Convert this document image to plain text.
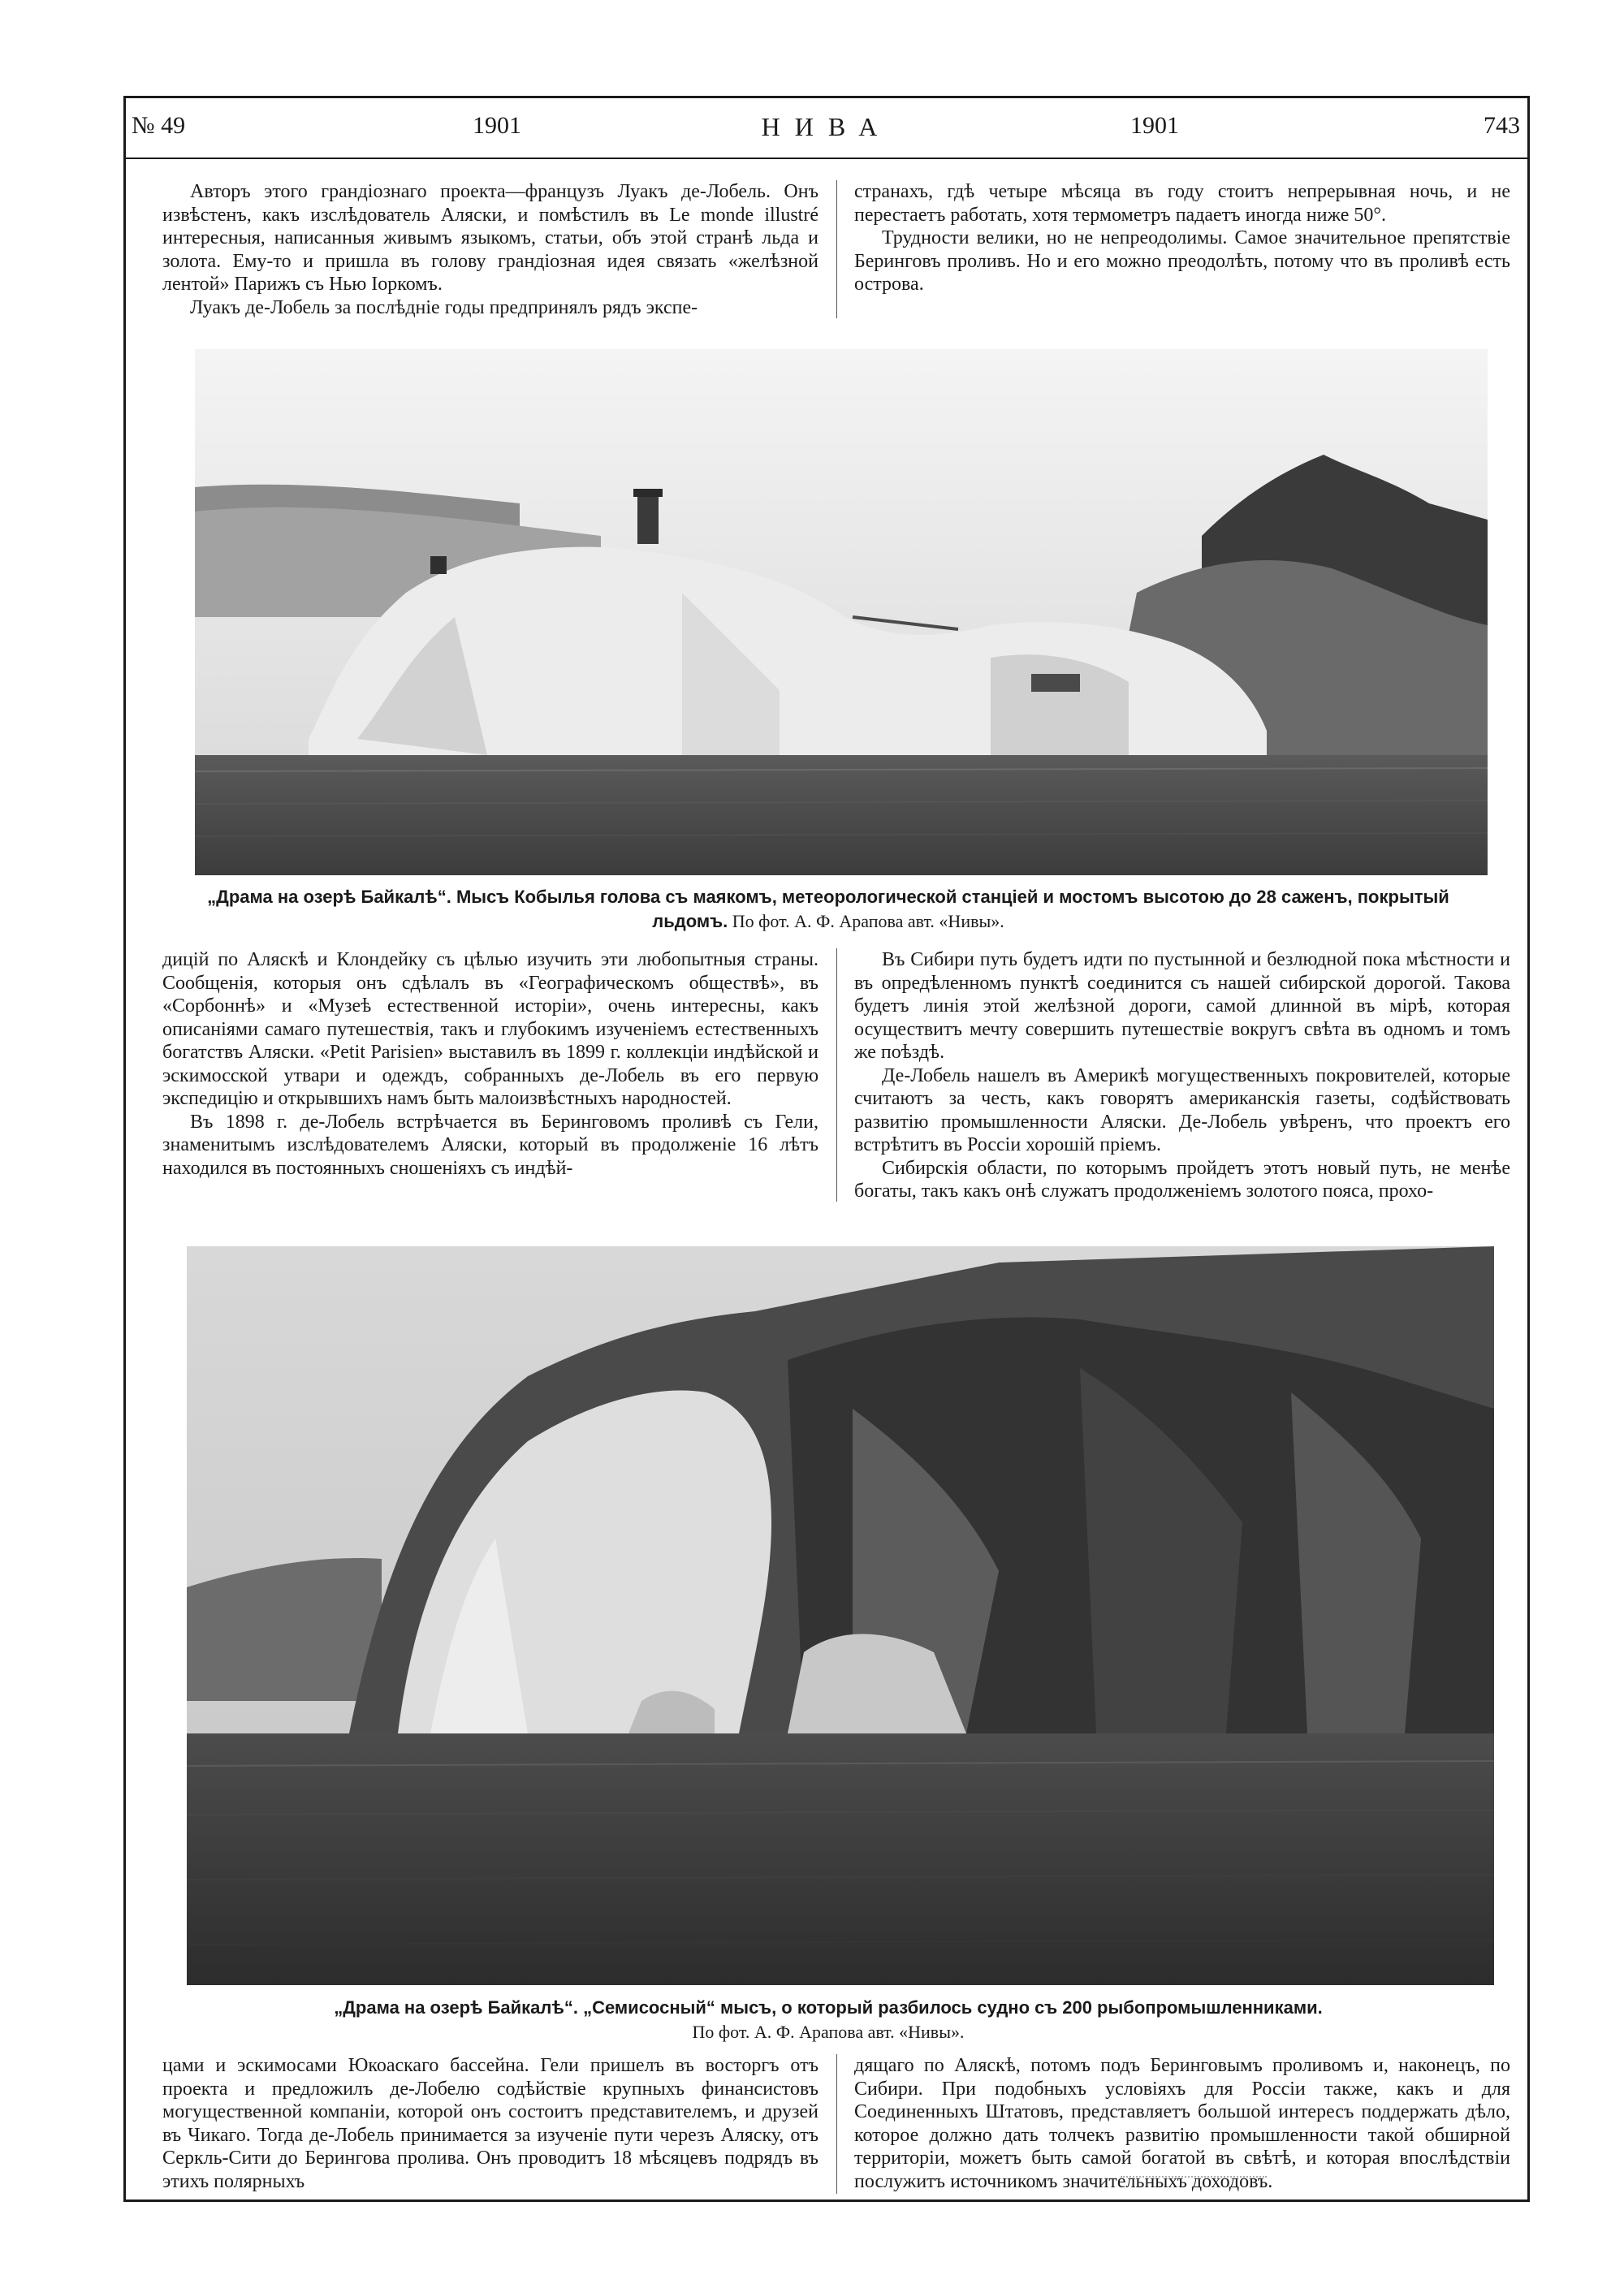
№ 49	1901	НИВА	1901	743

Авторъ этого грандіознаго проекта—французъ Луакъ де-Лобель. Онъ извѣстенъ, какъ изслѣдователь Аляски, и помѣстилъ въ Le monde illustré интересныя, написанныя живымъ языкомъ, статьи, объ этой странѣ льда и золота. Ему-то и пришла въ голову грандіозная идея связать «желѣзной лентой» Парижъ съ Нью Іоркомъ.

Луакъ де-Лобель за послѣдніе годы предпринялъ рядъ экспе-

странахъ, гдѣ четыре мѣсяца въ году стоитъ непрерывная ночь, и не перестаетъ работать, хотя термометръ падаетъ иногда ниже 50°.

Трудности велики, но не непреодолимы. Самое значительное препятствіе Беринговъ проливъ. Но и его можно преодолѣть, потому что въ проливѣ есть острова.

„Драма на озерѣ Байкалѣ“. Мысъ Кобылья голова съ маякомъ, метеорологической станціей и мостомъ высотою до 28 саженъ, покрытый
льдомъ. По фот. А. Ф. Арапова авт. «Нивы».

дицій по Аляскѣ и Клондейку съ цѣлью изучить эти любопытныя страны. Сообщенія, которыя онъ сдѣлалъ въ «Географическомъ обществѣ», въ «Сорбоннѣ» и «Музеѣ естественной исторіи», очень интересны, какъ описаніями самаго путешествія, такъ и глубокимъ изученіемъ естественныхъ богатствъ Аляски. «Petit Parisien» выставилъ въ 1899 г. коллекціи индѣйской и эскимосской утвари и одеждъ, собранныхъ де-Лобель въ его первую экспедицію и открывшихъ намъ быть малоизвѣстныхъ народностей.

Въ 1898 г. де-Лобель встрѣчается въ Беринговомъ проливѣ съ Гели, знаменитымъ изслѣдователемъ Аляски, который въ продолженіе 16 лѣтъ находился въ постоянныхъ сношеніяхъ съ индѣй-

Въ Сибири путь будетъ идти по пустынной и безлюдной пока мѣстности и въ опредѣленномъ пунктѣ соединится съ нашей сибирской дорогой. Такова будетъ линія этой желѣзной дороги, самой длинной въ мірѣ, которая осуществитъ мечту совершить путешествіе вокругъ свѣта въ одномъ и томъ же поѣздѣ.

Де-Лобель нашелъ въ Америкѣ могущественныхъ покровителей, которые считаютъ за честь, какъ говорятъ американскія газеты, содѣйствовать развитію промышленности Аляски. Де-Лобель увѣренъ, что проектъ его встрѣтитъ въ Россіи хорошій пріемъ.

Сибирскія области, по которымъ пройдетъ этотъ новый путь, не менѣе богаты, такъ какъ онѣ служатъ продолженіемъ золотого пояса, прохо-

„Драма на озерѣ Байкалѣ“. „Семисосный“ мысъ, о который разбилось судно съ 200 рыбопромышленниками.
По фот. А. Ф. Арапова авт. «Нивы».

цами и эскимосами Юкоаскаго бассейна. Гели пришелъ въ восторгъ отъ проекта и предложилъ де-Лобелю содѣйствіе крупныхъ финансистовъ могущественной компаніи, которой онъ состоитъ представителемъ, и друзей въ Чикаго. Тогда де-Лобель принимается за изученіе пути черезъ Аляску, отъ Серкль-Сити до Берингова пролива. Онъ проводитъ 18 мѣсяцевъ подрядъ въ этихъ полярныхъ

дящаго по Аляскѣ, потомъ подъ Беринговымъ проливомъ и, наконецъ, по Сибири. При подобныхъ условіяхъ для Россіи также, какъ и для Соединенныхъ Штатовъ, представляетъ большой интересъ поддержать дѣло, которое должно дать толчекъ развитію промышленности такой обширной территоріи, можетъ быть самой богатой въ свѣтѣ, и которая впослѣдствіи послужитъ источникомъ значительныхъ доходовъ.
